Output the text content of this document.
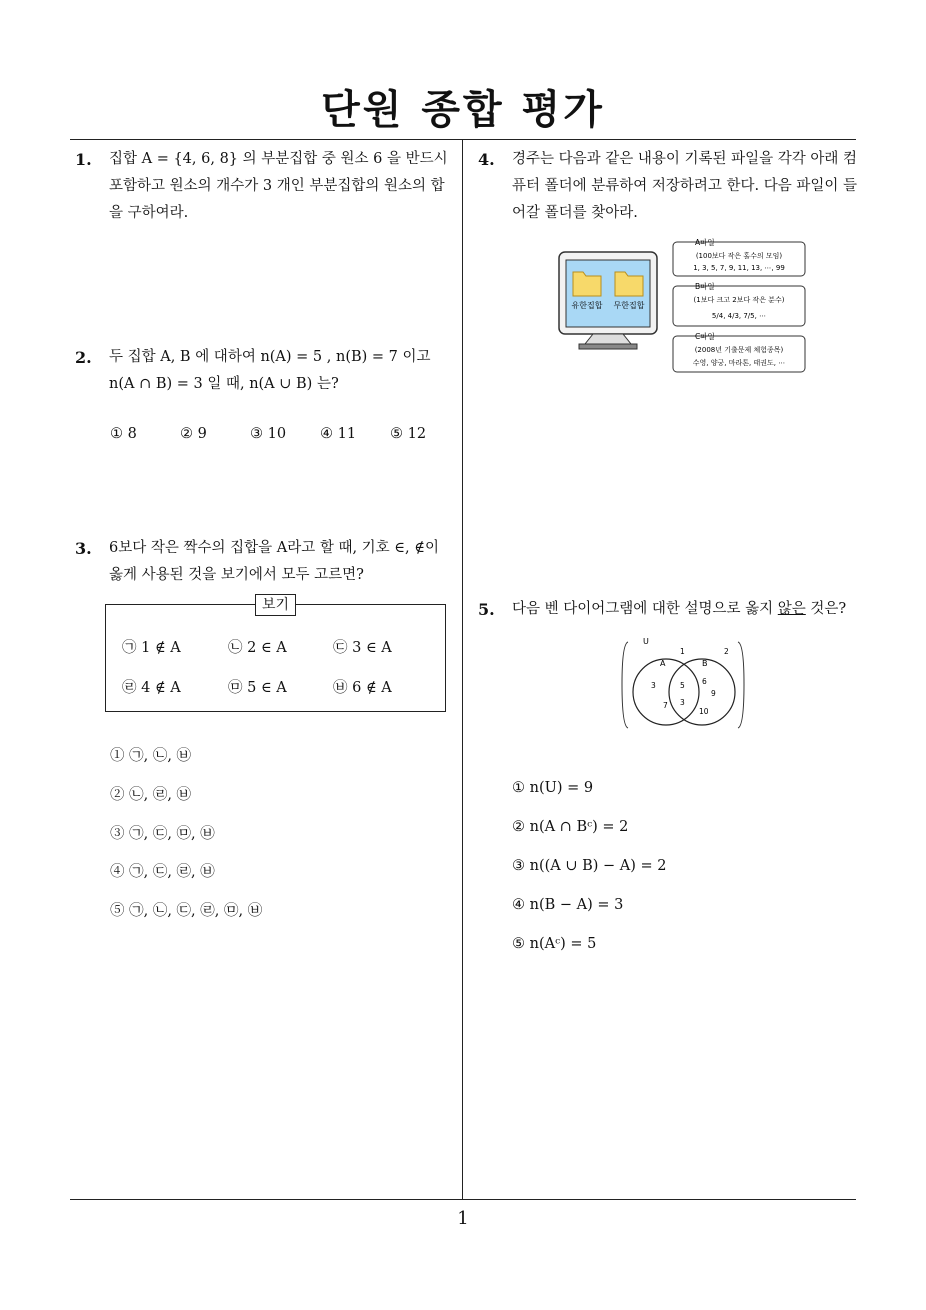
단원 종합 평가
1. 집합 A = {4, 6, 8} 의 부분집합 중 원소 6 을 반드시 포함하고 원소의 개수가 3 개인 부분집합의 원소의 합을 구하여라.
2. 두 집합 A, B 에 대하여 n(A) = 5 , n(B) = 7 이고 n(A ∩ B) = 3 일 때, n(A ∪ B) 는?
① 8	② 9	③ 10 ④ 11 ⑤ 12
3. 6보다 작은 짝수의 집합을 A라고 할 때, 기호 ∈, ∉이 옳게 사용된 것을 보기에서 모두 고르면?
보기
㉠ 1 ∉ A	㉡ 2 ∈ A	㉢ 3 ∈ A
㉣ 4 ∉ A	㉤ 5 ∈ A	㉥ 6 ∉ A
① ㉠, ㉡, ㉥
② ㉡, ㉣, ㉥
③ ㉠, ㉢, ㉤, ㉥
④ ㉠, ㉢, ㉣, ㉥
⑤ ㉠, ㉡, ㉢, ㉣, ㉤, ㉥
4. 경주는 다음과 같은 내용이 기록된 파일을 각각 아래 컴퓨터 폴더에 분류하여 저장하려고 한다. 다음 파일이 들어갈 폴더를 찾아라.
유한집합 무한집합
A파일
(100보다 작은 홀수의 모임)
1, 3, 5, 7, 9, 11, 13, ⋯, 99
B파일
(1보다 크고 2보다 작은 분수)
5/4, 4/3, 7/5, ⋯
C파일
(2008년 기출문제 체험종목)
수영, 양궁, 마라톤, 태권도, ⋯
5. 다음 벤 다이어그램에 대한 설명으로 옳지 않은 것은?
U
A	B
3
7
5
3
6
9
10
1	2
① n(U) = 9
② n(A ∩ Bᶜ) = 2
③ n((A ∪ B) − A) = 2
④ n(B − A) = 3
⑤ n(Aᶜ) = 5
1
